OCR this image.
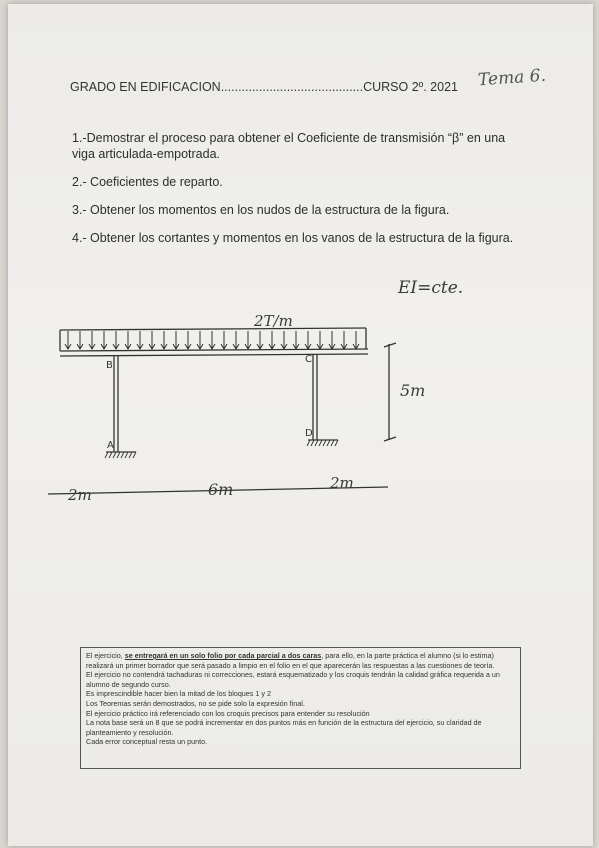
GRADO EN EDIFICACION.........................................CURSO 2º. 2021 Tema 6.

1.-Demostrar el proceso para obtener el Coeficiente de transmisión “β” en una viga articulada-empotrada.

2.- Coeficientes de reparto.

3.- Obtener los momentos en los nudos de la estructura de la figura.

4.- Obtener los cortantes y momentos en los vanos de la estructura de la figura.

EI=cte.
2T/m
5m
6m
2m
2m
B
C
A
D

El ejercicio, se entregará en un solo folio por cada parcial a dos caras, para ello, en la parte práctica el alumno (si lo estima) realizará un primer borrador que será pasado a limpio en el folio en el que aparecerán las respuestas a las cuestiones de teoría.

El ejercicio no contendrá tachaduras ni correcciones, estará esquematizado y los croquis tendrán la calidad gráfica requerida a un alumno de segundo curso.

Es imprescindible hacer bien la mitad de los bloques 1 y 2

Los Teoremas serán demostrados, no se pide solo la expresión final.

El ejercicio práctico irá referenciado con los croquis precisos para entender su resolución

La nota base será un 8 que se podrá incrementar en dos puntos más en función de la estructura del ejercicio, su claridad de planteamiento y resolución.

Cada error conceptual resta un punto.
